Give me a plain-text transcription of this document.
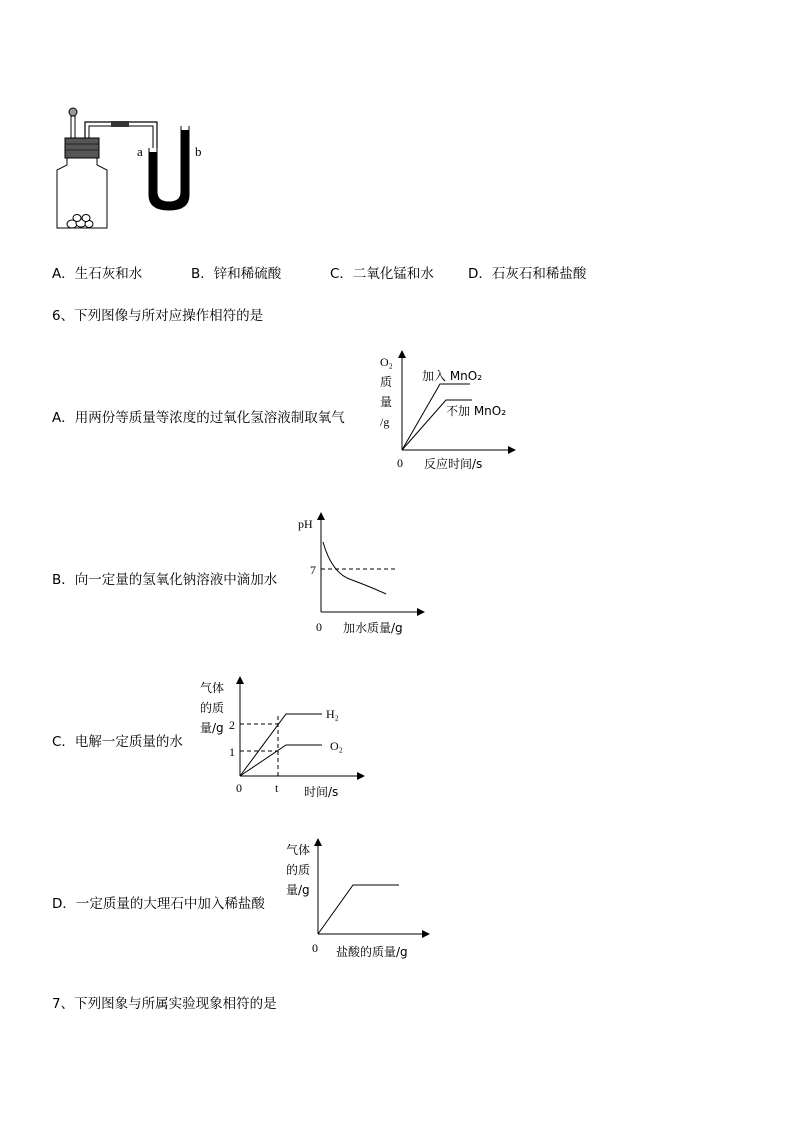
a	b
A．生石灰和水	B．锌和稀硫酸	C．二氧化锰和水	D．石灰石和稀盐酸
6、下列图像与所对应操作相符的是
A．用两份等质量等浓度的过氧化氢溶液制取氧气
O₂
质
量
/g
0 反应时间/s
加入 MnO₂
不加 MnO₂
B．向一定量的氢氧化钠溶液中滴加水
pH
7
0 加水质量/g
C．电解一定质量的水
气体
的质
量/g 2
1
H₂
O₂
0	t 时间/s
D．一定质量的大理石中加入稀盐酸
气体
的质
量/g
0 盐酸的质量/g
7、下列图象与所属实验现象相符的是
